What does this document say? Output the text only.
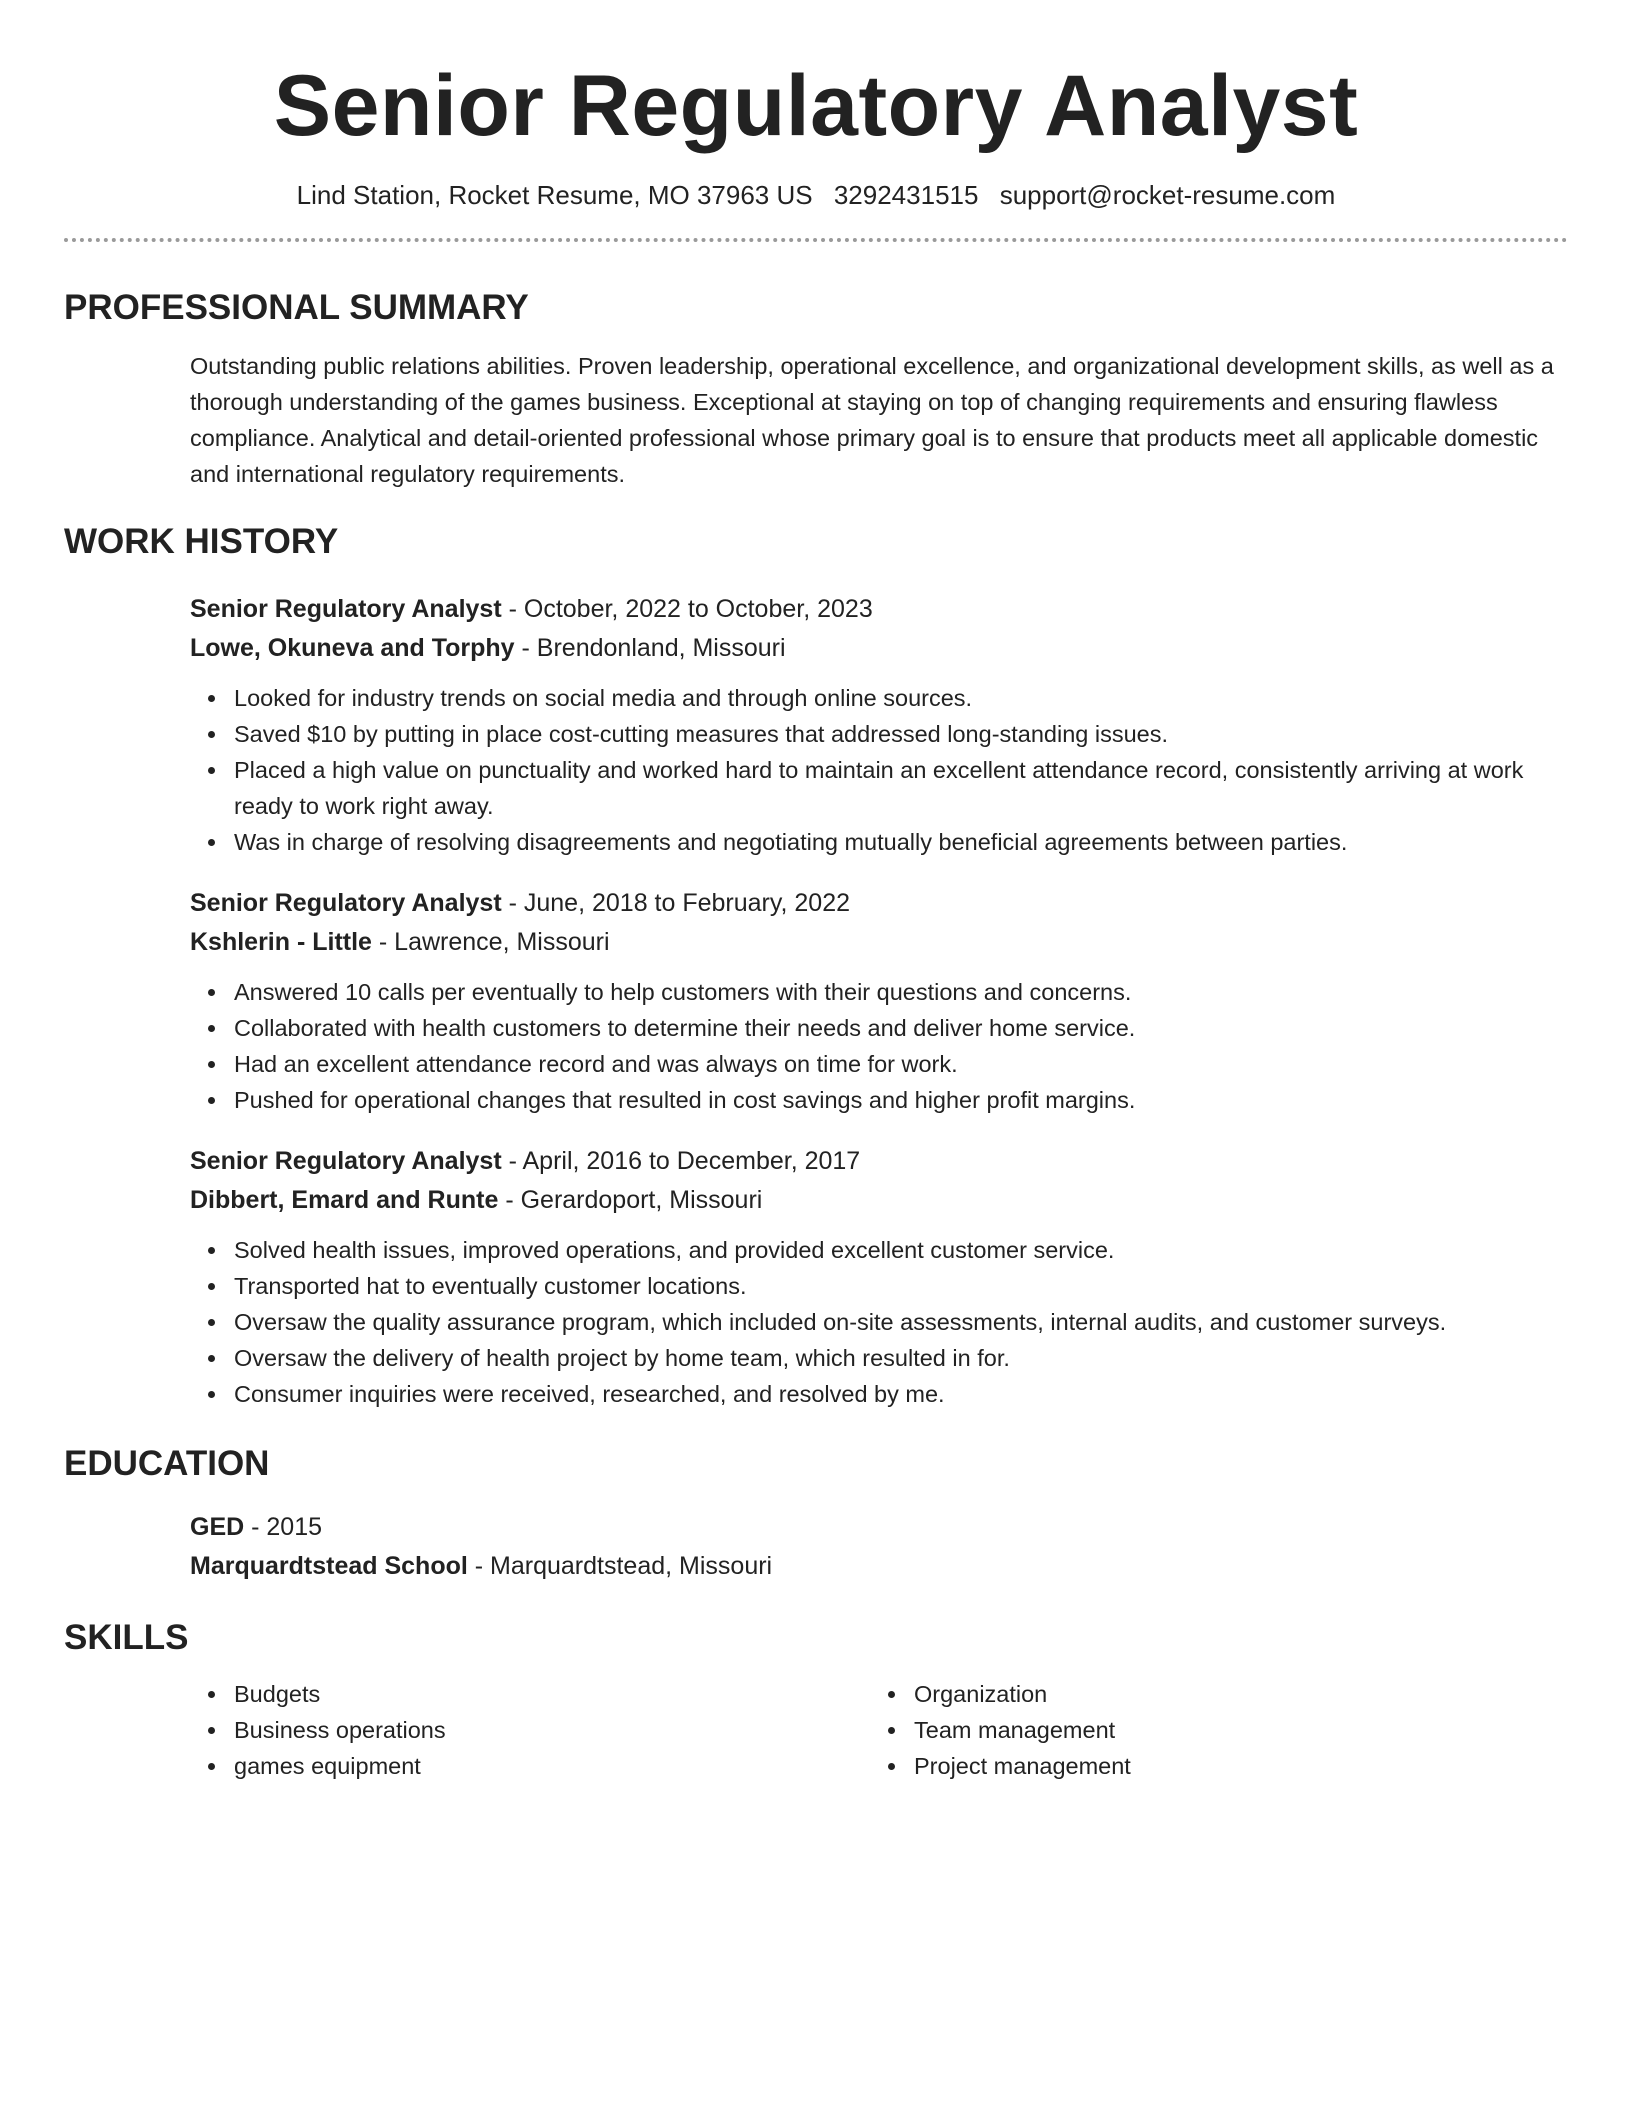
Senior Regulatory Analyst
Lind Station, Rocket Resume, MO 37963 US 3292431515 support@rocket-resume.com
PROFESSIONAL SUMMARY

Outstanding public relations abilities. Proven leadership, operational excellence, and organizational development skills, as well as a thorough understanding of the games business. Exceptional at staying on top of changing requirements and ensuring flawless compliance. Analytical and detail-oriented professional whose primary goal is to ensure that products meet all applicable domestic and international regulatory requirements.

WORK HISTORY
Senior Regulatory Analyst - October, 2022 to October, 2023
Lowe, Okuneva and Torphy - Brendonland, Missouri
Looked for industry trends on social media and through online sources.
Saved $10 by putting in place cost-cutting measures that addressed long-standing issues.
Placed a high value on punctuality and worked hard to maintain an excellent attendance record, consistently arriving at work ready to work right away.
Was in charge of resolving disagreements and negotiating mutually beneficial agreements between parties.
Senior Regulatory Analyst - June, 2018 to February, 2022
Kshlerin - Little - Lawrence, Missouri
Answered 10 calls per eventually to help customers with their questions and concerns.
Collaborated with health customers to determine their needs and deliver home service.
Had an excellent attendance record and was always on time for work.
Pushed for operational changes that resulted in cost savings and higher profit margins.
Senior Regulatory Analyst - April, 2016 to December, 2017
Dibbert, Emard and Runte - Gerardoport, Missouri
Solved health issues, improved operations, and provided excellent customer service.
Transported hat to eventually customer locations.
Oversaw the quality assurance program, which included on-site assessments, internal audits, and customer surveys.
Oversaw the delivery of health project by home team, which resulted in for.
Consumer inquiries were received, researched, and resolved by me.
EDUCATION
GED - 2015
Marquardtstead School - Marquardtstead, Missouri
SKILLS
Budgets
Business operations
games equipment
Organization
Team management
Project management
